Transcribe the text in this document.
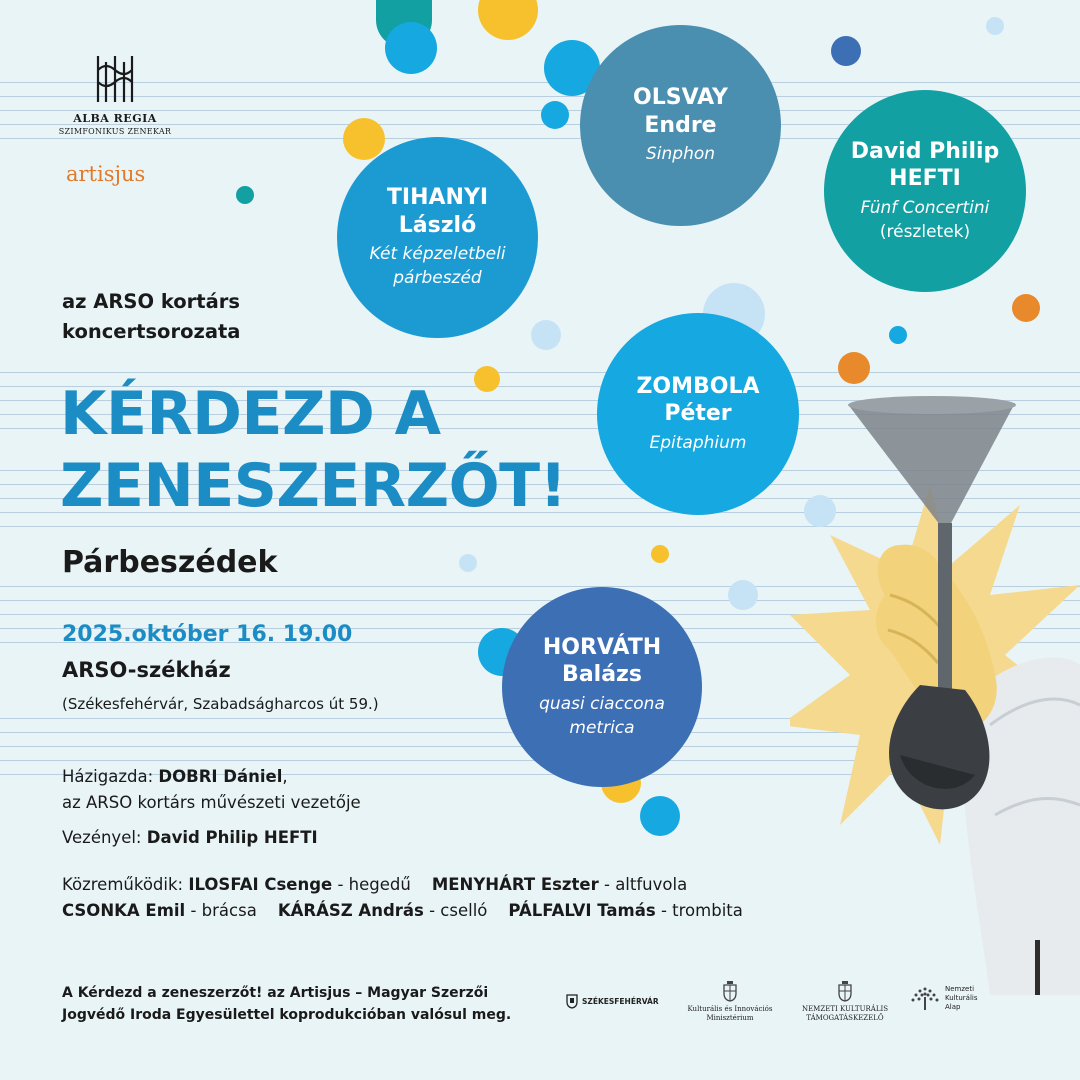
ALBA REGIA
SZIMFONIKUS ZENEKAR
artisjus
OLSVAY
Endre
Sinphon	David Philip
HEFTI
Fünf Concertini
(részletek)
TIHANYI
László
Két képzeletbeli
párbeszéd
ZOMBOLA
Péter
Epitaphium
HORVÁTH
Balázs
quasi ciaccona
metrica
az ARSO kortárs
koncertsorozata
KÉRDEZD A
ZENESZERZŐT!
Párbeszédek
2025.október 16. 19.00
ARSO-székház
(Székesfehérvár, Szabadságharcos út 59.)
Házigazda: DOBRI Dániel,
az ARSO kortárs művészeti vezetője
Vezényel: David Philip HEFTI
Közreműködik: ILOSFAI Csenge - hegedű MENYHÁRT Eszter - altfuvola
CSONKA Emil - brácsa KÁRÁSZ András - cselló PÁLFALVI Tamás - trombita
A Kérdezd a zeneszerzőt! az Artisjus – Magyar Szerzői
Jogvédő Iroda Egyesülettel koprodukcióban valósul meg.
SZÉKESFEHÉRVÁR
Kulturális és Innovációs Minisztérium
NEMZETI KULTURÁLIS TÁMOGATÁSKEZELŐ
Nemzeti Kulturális Alap
